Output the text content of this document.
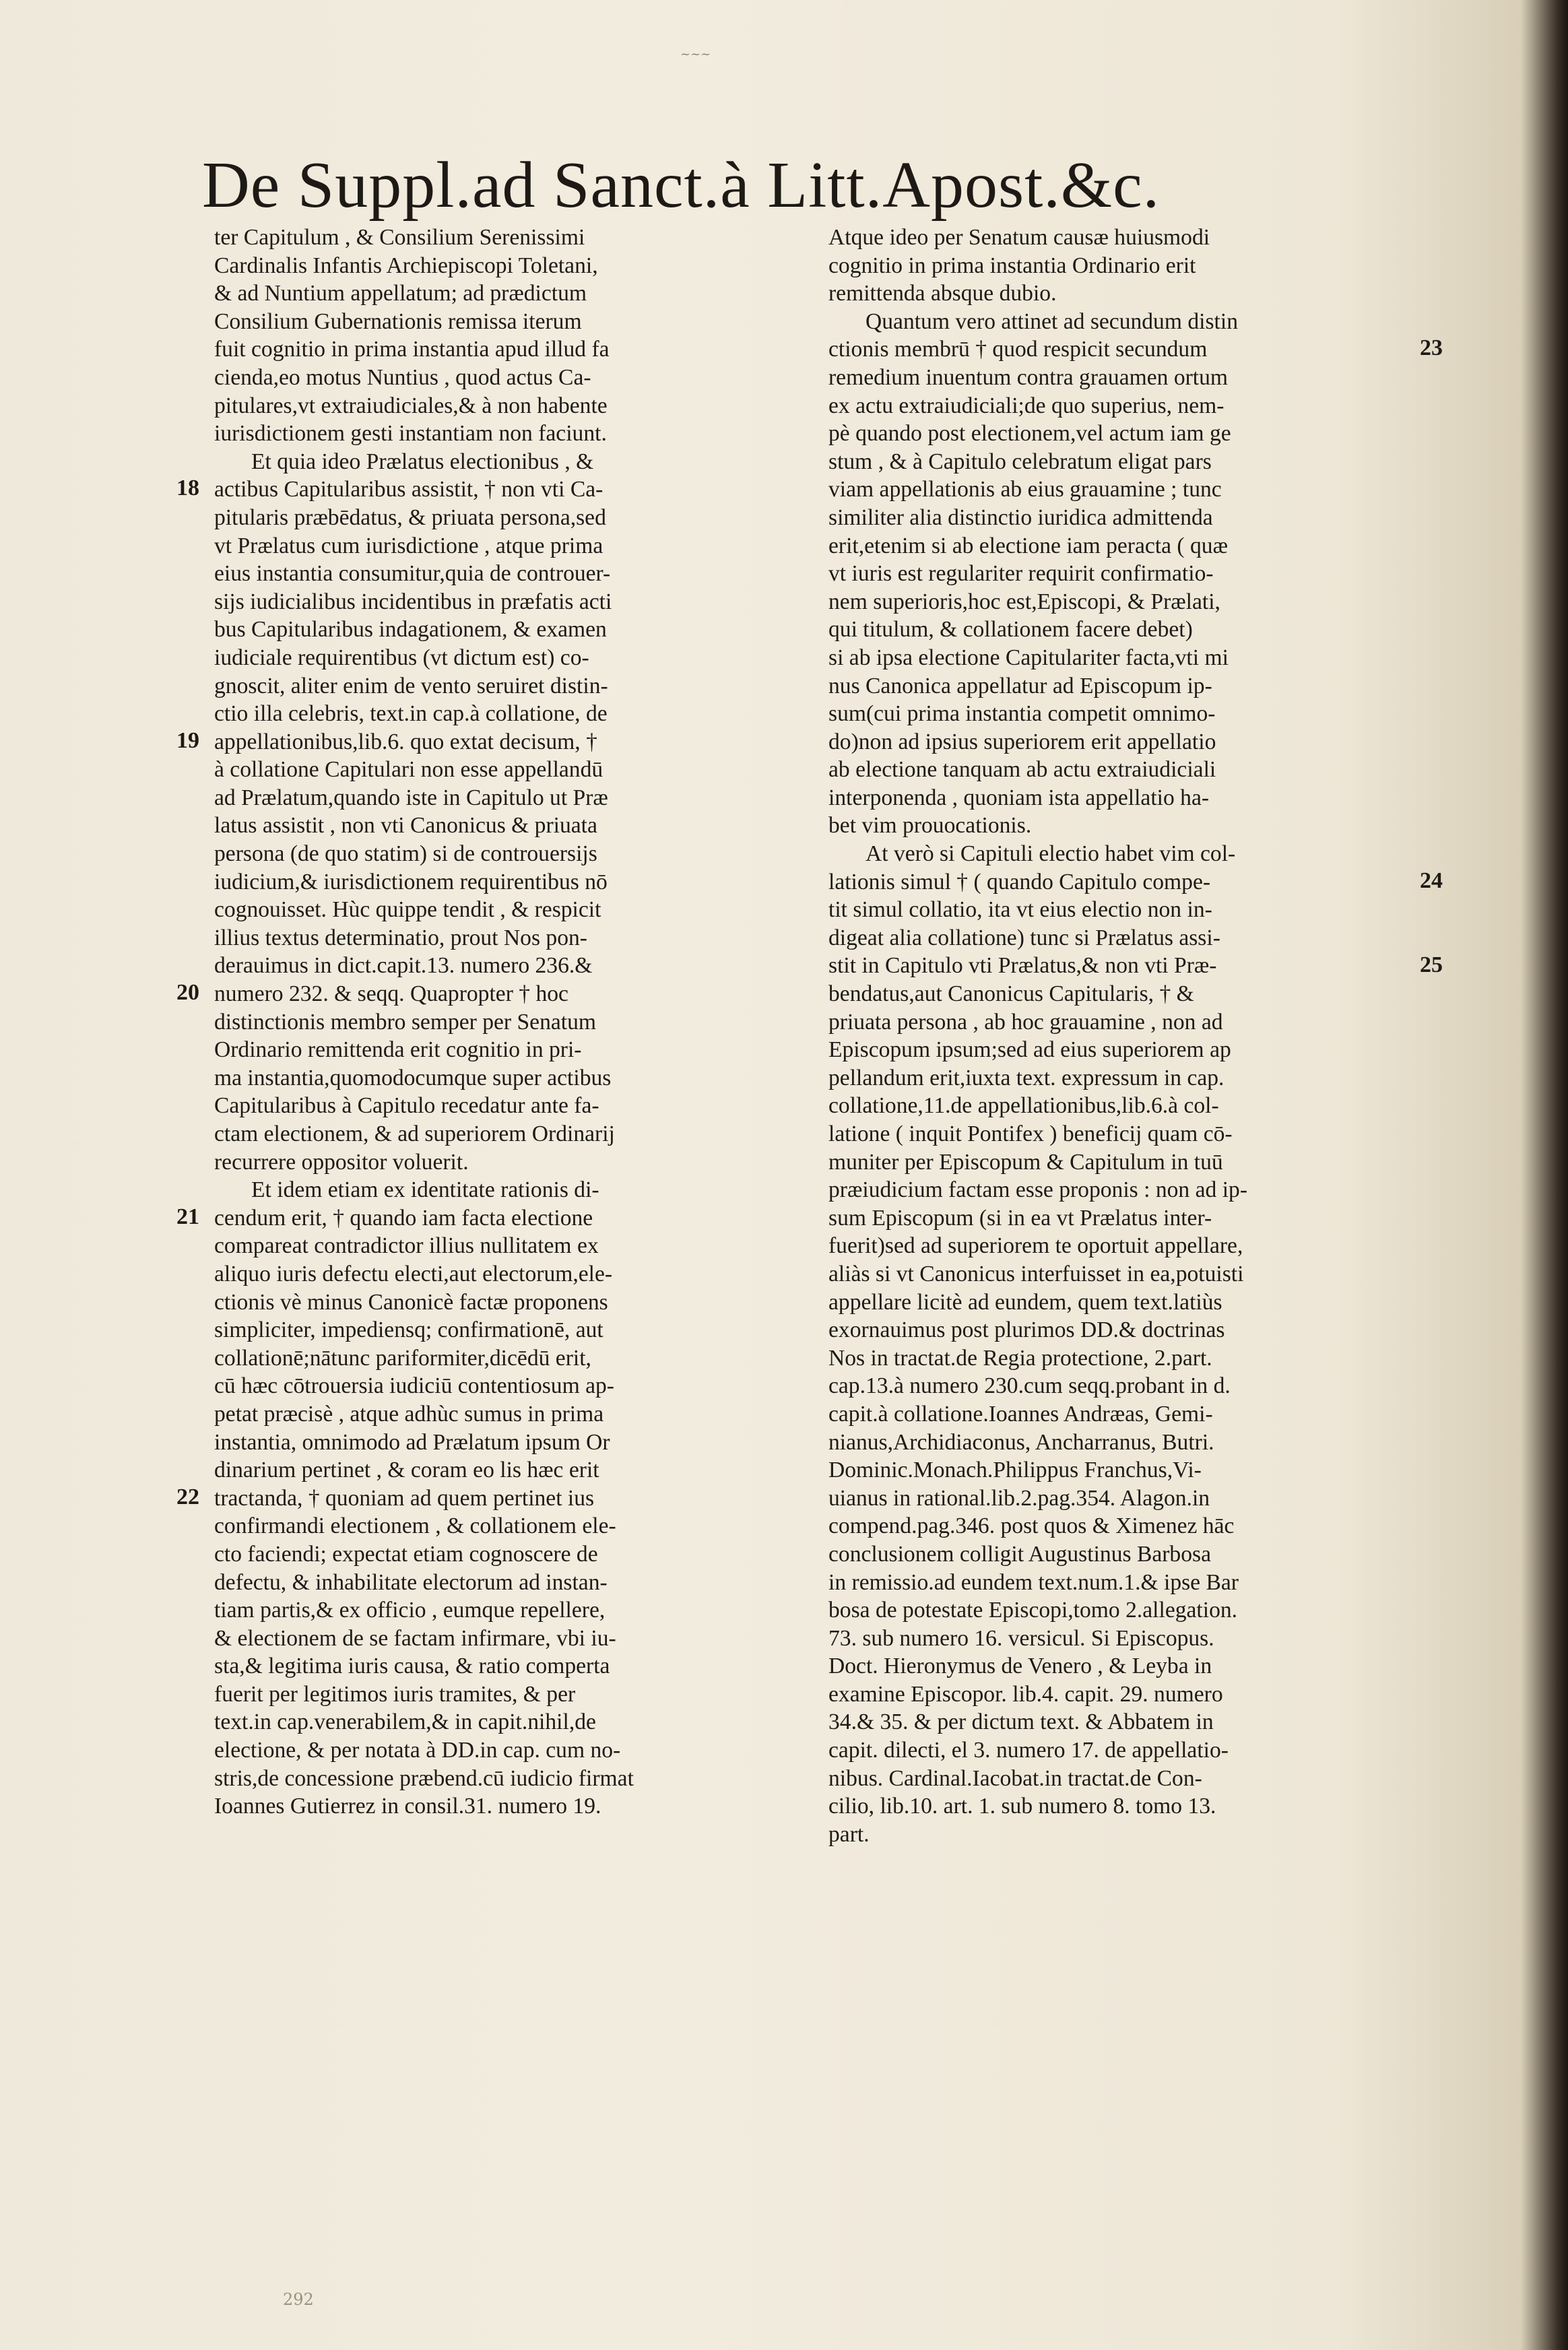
~~~
De Suppl.ad Sanct.à Litt.Apost.&c.
ter Capitulum , & Consilium Serenissimi
Cardinalis Infantis Archiepiscopi Toletani,
& ad Nuntium appellatum; ad prædictum
Consilium Gubernationis remissa iterum
fuit cognitio in prima instantia apud illud fa
cienda,eo motus Nuntius , quod actus Ca-
pitulares,vt extraiudiciales,& à non habente
iurisdictionem gesti instantiam non faciunt.
Et quia ideo Prælatus electionibus , &
actibus Capitularibus assistit, † non vti Ca-
pitularis præbēdatus, & priuata persona,sed
vt Prælatus cum iurisdictione , atque prima
eius instantia consumitur,quia de controuer-
sijs iudicialibus incidentibus in præfatis acti
bus Capitularibus indagationem, & examen
iudiciale requirentibus (vt dictum est) co-
gnoscit, aliter enim de vento seruiret distin-
ctio illa celebris, text.in cap.à collatione, de
appellationibus,lib.6. quo extat decisum, †
à collatione Capitulari non esse appellandū
ad Prælatum,quando iste in Capitulo ut Præ
latus assistit , non vti Canonicus & priuata
persona (de quo statim) si de controuersijs
iudicium,& iurisdictionem requirentibus nō
cognouisset. Hùc quippe tendit , & respicit
illius textus determinatio, prout Nos pon-
derauimus in dict.capit.13. numero 236.&
numero 232. & seqq. Quapropter † hoc
distinctionis membro semper per Senatum
Ordinario remittenda erit cognitio in pri-
ma instantia,quomodocumque super actibus
Capitularibus à Capitulo recedatur ante fa-
ctam electionem, & ad superiorem Ordinarij
recurrere oppositor voluerit.
Et idem etiam ex identitate rationis di-
cendum erit, † quando iam facta electione
compareat contradictor illius nullitatem ex
aliquo iuris defectu electi,aut electorum,ele-
ctionis vè minus Canonicè factæ proponens
simpliciter, impediensq; confirmationē, aut
collationē;nātunc pariformiter,dicēdū erit,
cū hæc cōtrouersia iudiciū contentiosum ap-
petat præcisè , atque adhùc sumus in prima
instantia, omnimodo ad Prælatum ipsum Or
dinarium pertinet , & coram eo lis hæc erit
tractanda, † quoniam ad quem pertinet ius
confirmandi electionem , & collationem ele-
cto faciendi; expectat etiam cognoscere de
defectu, & inhabilitate electorum ad instan-
tiam partis,& ex officio , eumque repellere,
& electionem de se factam infirmare, vbi iu-
sta,& legitima iuris causa, & ratio comperta
fuerit per legitimos iuris tramites, & per
text.in cap.venerabilem,& in capit.nihil,de
electione, & per notata à DD.in cap. cum no-
stris,de concessione præbend.cū iudicio firmat
Ioannes Gutierrez in consil.31. numero 19.
Atque ideo per Senatum causæ huiusmodi
cognitio in prima instantia Ordinario erit
remittenda absque dubio.
Quantum vero attinet ad secundum distin
ctionis membrū † quod respicit secundum
remedium inuentum contra grauamen ortum
ex actu extraiudiciali;de quo superius, nem-
pè quando post electionem,vel actum iam ge
stum , & à Capitulo celebratum eligat pars
viam appellationis ab eius grauamine ; tunc
similiter alia distinctio iuridica admittenda
erit,etenim si ab electione iam peracta ( quæ
vt iuris est regulariter requirit confirmatio-
nem superioris,hoc est,Episcopi, & Prælati,
qui titulum, & collationem facere debet)
si ab ipsa electione Capitulariter facta,vti mi
nus Canonica appellatur ad Episcopum ip-
sum(cui prima instantia competit omnimo-
do)non ad ipsius superiorem erit appellatio
ab electione tanquam ab actu extraiudiciali
interponenda , quoniam ista appellatio ha-
bet vim prouocationis.
At verò si Capituli electio habet vim col-
lationis simul † ( quando Capitulo compe-
tit simul collatio, ita vt eius electio non in-
digeat alia collatione) tunc si Prælatus assi-
stit in Capitulo vti Prælatus,& non vti Præ-
bendatus,aut Canonicus Capitularis, † &
priuata persona , ab hoc grauamine , non ad
Episcopum ipsum;sed ad eius superiorem ap
pellandum erit,iuxta text. expressum in cap.
collatione,11.de appellationibus,lib.6.à col-
latione ( inquit Pontifex ) beneficij quam cō-
muniter per Episcopum & Capitulum in tuū
præiudicium factam esse proponis : non ad ip-
sum Episcopum (si in ea vt Prælatus inter-
fuerit)sed ad superiorem te oportuit appellare,
aliàs si vt Canonicus interfuisset in ea,potuisti
appellare licitè ad eundem, quem text.latiùs
exornauimus post plurimos DD.& doctrinas
Nos in tractat.de Regia protectione, 2.part.
cap.13.à numero 230.cum seqq.probant in d.
capit.à collatione.Ioannes Andræas, Gemi-
nianus,Archidiaconus, Ancharranus, Butri.
Dominic.Monach.Philippus Franchus,Vi-
uianus in rational.lib.2.pag.354. Alagon.in
compend.pag.346. post quos & Ximenez hāc
conclusionem colligit Augustinus Barbosa
in remissio.ad eundem text.num.1.& ipse Bar
bosa de potestate Episcopi,tomo 2.allegation.
73. sub numero 16. versicul. Si Episcopus.
Doct. Hieronymus de Venero , & Leyba in
examine Episcopor. lib.4. capit. 29. numero
34.& 35. & per dictum text. & Abbatem in
capit. dilecti, el 3. numero 17. de appellatio-
nibus. Cardinal.Iacobat.in tractat.de Con-
cilio, lib.10. art. 1. sub numero 8. tomo 13.
part.
18
19
20
21
22
23
24
25
292
